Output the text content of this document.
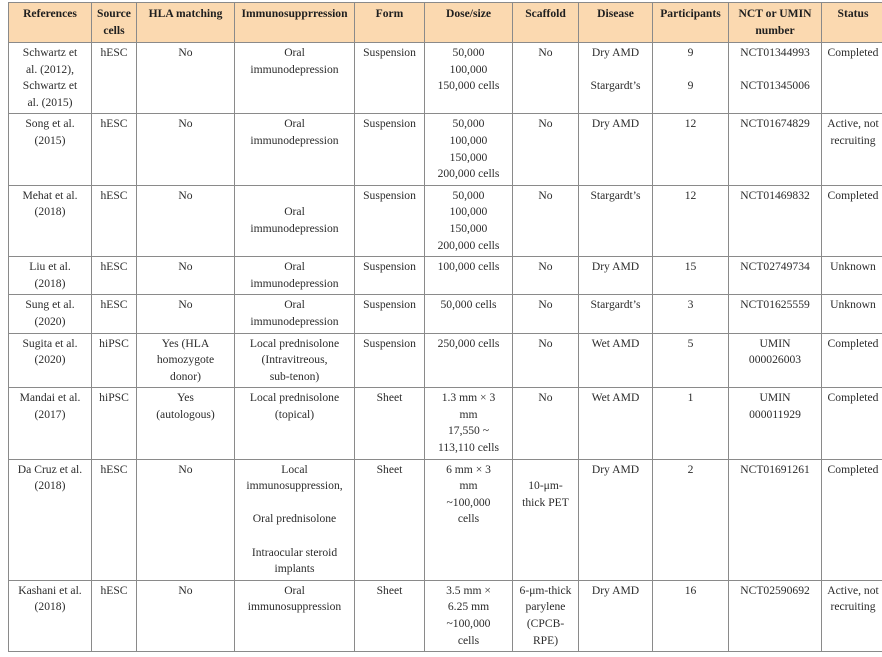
References	Source cells	HLA matching	Immunosupprression	Form	Dose/size	Scaffold	Disease	Participants	NCT or UMIN number	Status

Schwartz et
al. (2012),
Schwartz et
al. (2015)	hESC	No	Oral
immunodepression	Suspension	50,000
100,000
150,000 cells	No	Dry AMD
Stargardt’s	9
9	NCT01344993
NCT01345006	Completed

Song et al.
(2015)	hESC	No	Oral
immunodepression	Suspension	50,000
100,000
150,000
200,000 cells	No	Dry AMD	12	NCT01674829	Active, not
recruiting

Mehat et al.
(2018)	hESC	No	Oral
immunodepression	Suspension	50,000
100,000
150,000
200,000 cells	No	Stargardt’s	12	NCT01469832	Completed

Liu et al.
(2018)	hESC	No	Oral
immunodepression	Suspension	100,000 cells	No	Dry AMD	15	NCT02749734	Unknown

Sung et al.
(2020)	hESC	No	Oral
immunodepression	Suspension	50,000 cells	No	Stargardt’s	3	NCT01625559	Unknown

Sugita et al.
(2020)	hiPSC	Yes (HLA
homozygote
donor)	Local prednisolone
(Intravitreous,
sub-tenon)	Suspension	250,000 cells	No	Wet AMD	5	UMIN
000026003	Completed

Mandai et al.
(2017)	hiPSC	Yes
(autologous)	Local prednisolone
(topical)	Sheet	1.3 mm × 3
mm
17,550 ~
113,110 cells	No	Wet AMD	1	UMIN
000011929	Completed

Da Cruz et al.
(2018)	hESC	No	Local
immunosuppression,
Oral prednisolone
Intraocular steroid
implants	Sheet	6 mm × 3
mm
~100,000
cells	10-μm-
thick PET	Dry AMD	2	NCT01691261	Completed

Kashani et al.
(2018)	hESC	No	Oral
immunosuppression	Sheet	3.5 mm ×
6.25 mm
~100,000
cells	6-μm-thick
parylene
(CPCB-
RPE)	Dry AMD	16	NCT02590692	Active, not
recruiting
